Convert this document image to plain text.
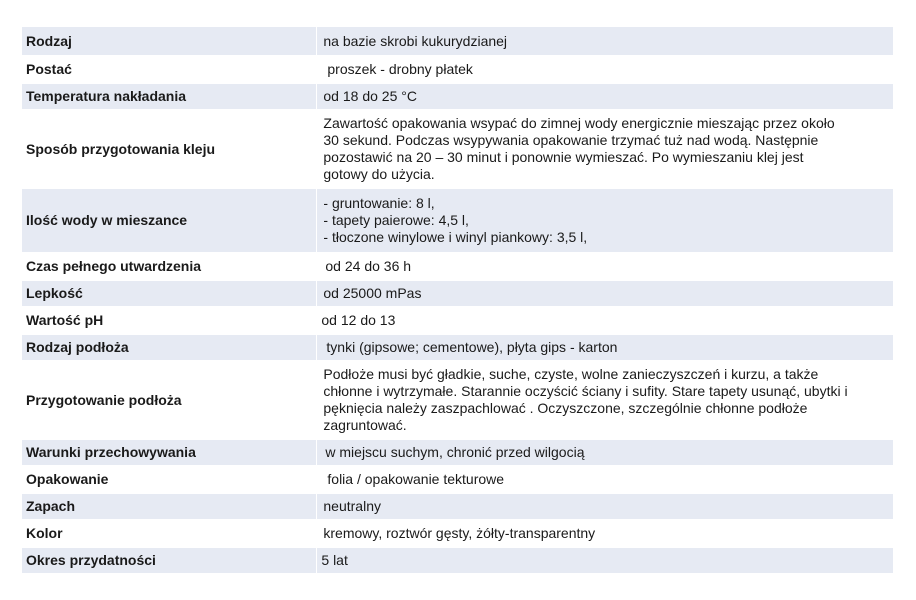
Rodzaj	na bazie skrobi kukurydzianej
Postać	proszek - drobny płatek
Temperatura nakładania	od 18 do 25 °C
Sposób przygotowania kleju	Zawartość opakowania wsypać do zimnej wody energicznie mieszając przez około
30 sekund. Podczas wsypywania opakowanie trzymać tuż nad wodą. Następnie
pozostawić na 20 – 30 minut i ponownie wymieszać. Po wymieszaniu klej jest
gotowy do użycia.

Ilość wody w mieszance	- gruntowanie: 8 l,
- tapety paierowe: 4,5 l,
- tłoczone winylowe i winyl piankowy: 3,5 l,

Czas pełnego utwardzenia	od 24 do 36 h
Lepkość	od 25000 mPas
Wartość pH	od 12 do 13
Rodzaj podłoża	tynki (gipsowe; cementowe), płyta gips - karton
Przygotowanie podłoża	Podłoże musi być gładkie, suche, czyste, wolne zanieczyszczeń i kurzu, a także
chłonne i wytrzymałe. Starannie oczyścić ściany i sufity. Stare tapety usunąć, ubytki i
pęknięcia należy zaszpachlować . Oczyszczone, szczególnie chłonne podłoże
zagruntować.

Warunki przechowywania	w miejscu suchym, chronić przed wilgocią
Opakowanie	folia / opakowanie tekturowe
Zapach	neutralny
Kolor	kremowy, roztwór gęsty, żółty-transparentny
Okres przydatności	5 lat
